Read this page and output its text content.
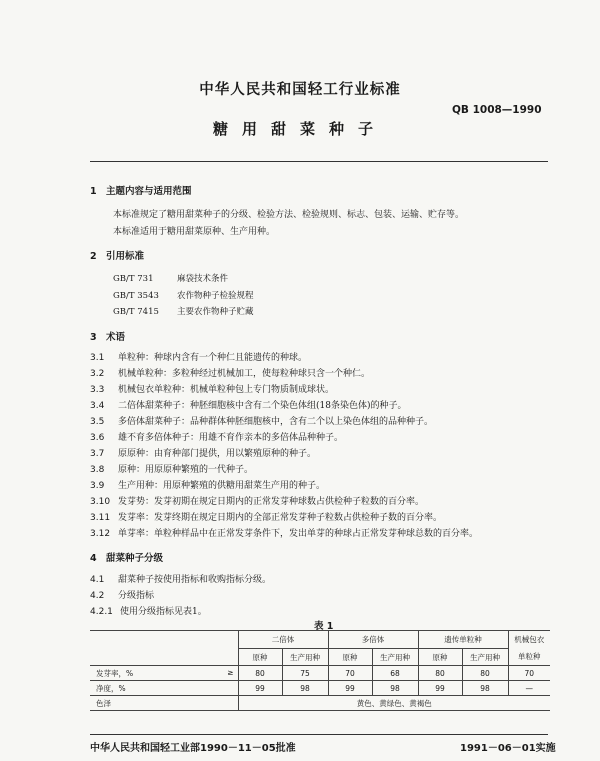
中华人民共和国轻工行业标准
QB 1008—1990
糖用甜菜种子
1 主题内容与适用范围
本标准规定了糖用甜菜种子的分级、检验方法、检验规则、标志、包装、运输、贮存等。
本标准适用于糖用甜菜原种、生产用种。
2 引用标准
GB/T 731	麻袋技术条件
GB/T 3543 农作物种子检验规程
GB/T 7415 主要农作物种子贮藏
3 术语
3.1 单粒种：种球内含有一个种仁且能遗传的种球。
3.2 机械单粒种：多粒种经过机械加工，使每粒种球只含一个种仁。
3.3 机械包衣单粒种：机械单粒种包上专门物质制成球状。
3.4 二倍体甜菜种子：种胚细胞核中含有二个染色体组(18条染色体)的种子。
3.5 多倍体甜菜种子：品种群体种胚细胞核中，含有二个以上染色体组的品种种子。
3.6 雄不育多倍体种子：用雄不育作亲本的多倍体品种种子。
3.7 原原种：由育种部门提供，用以繁殖原种的种子。
3.8 原种：用原原种繁殖的一代种子。
3.9 生产用种：用原种繁殖的供糖用甜菜生产用的种子。
3.10 发芽势：发芽初期在规定日期内的正常发芽种球数占供检种子粒数的百分率。
3.11 发芽率：发芽终期在规定日期内的全部正常发芽种子粒数占供检种子数的百分率。
3.12 单芽率：单粒种样品中在正常发芽条件下，发出单芽的种球占正常发芽种球总数的百分率。
4 甜菜种子分级
4.1 甜菜种子按使用指标和收购指标分级。
4.2 分级指标
4.2.1 使用分级指标见表1。
表 1
	二倍体		多倍体		遗传单粒种		机械包衣
	原种	生产用种	原种	生产用种	原种	生产用种	单粒种
发芽率，% ≥	80	75	70	68	80	80	70
净度，%	99	98	99	98	99	98	—
色泽	黄色、黄绿色、黄褐色						
中华人民共和国轻工业部1990－11－05批准	1991－06－01实施
